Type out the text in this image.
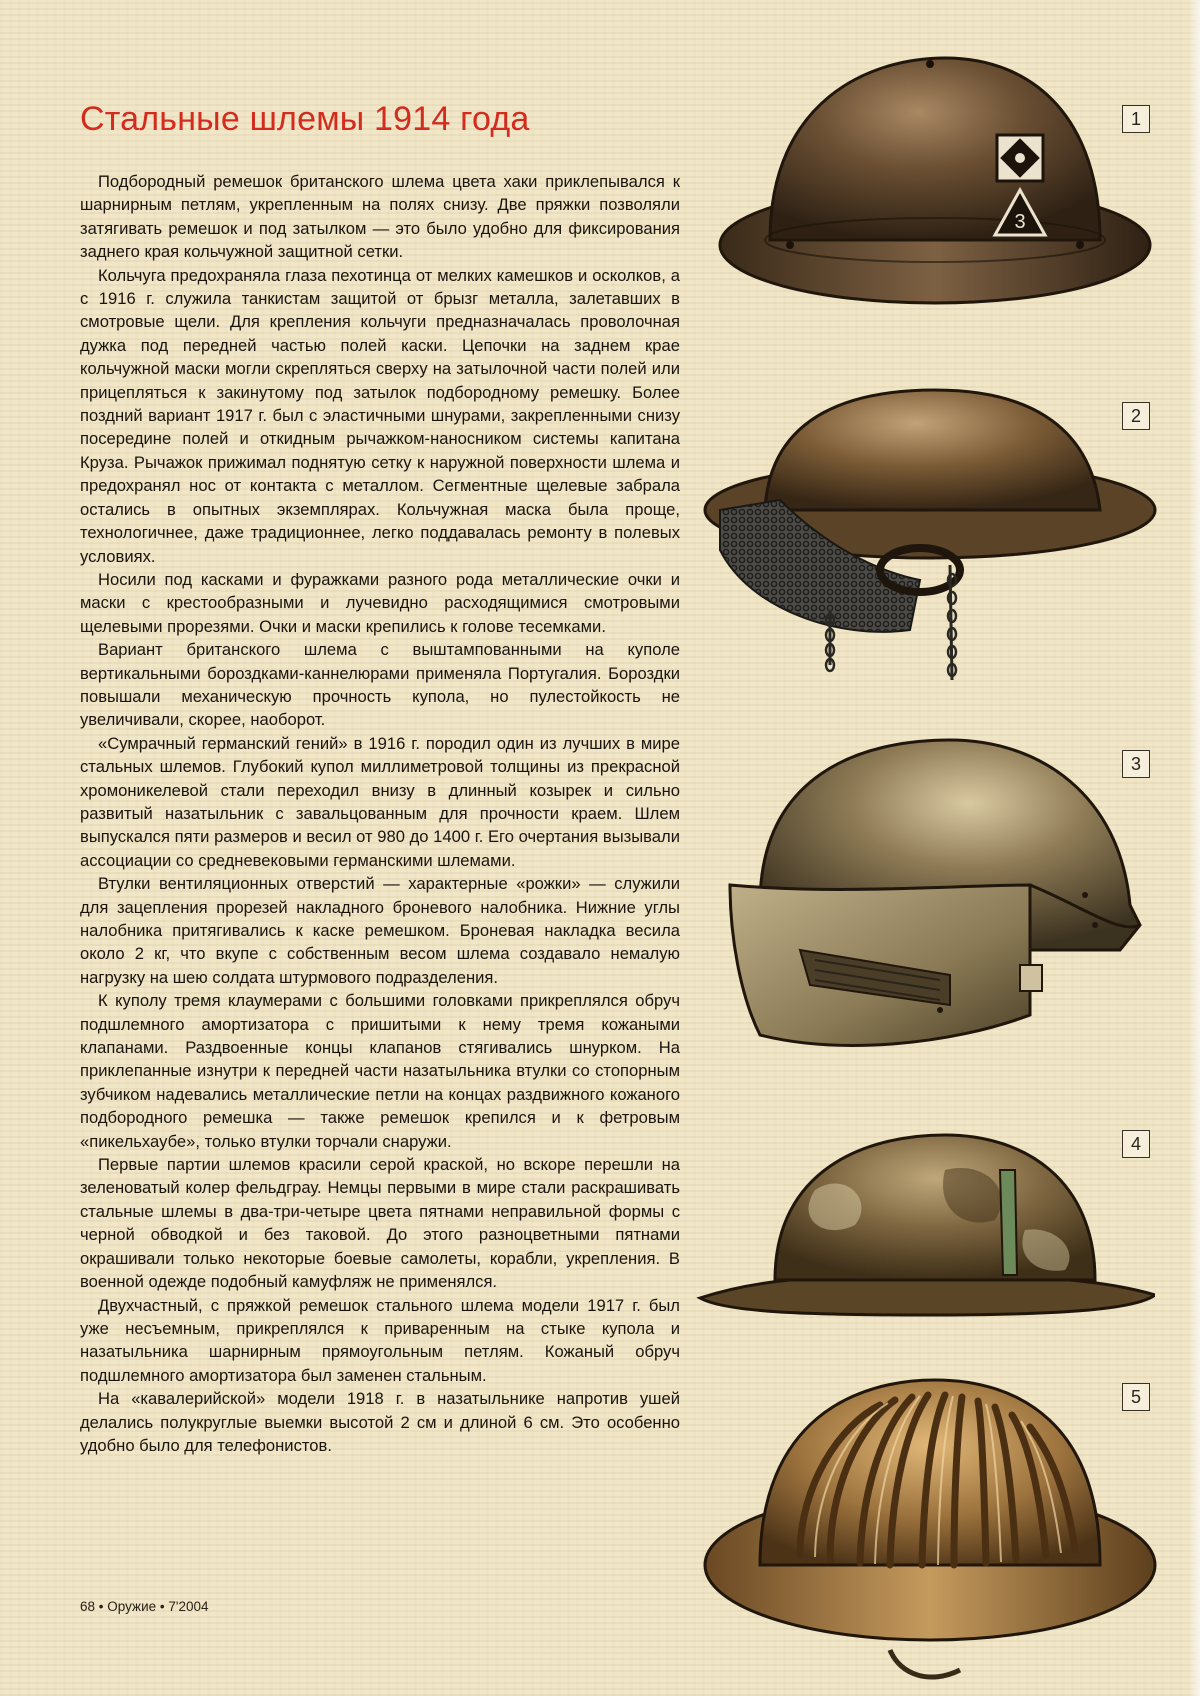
Стальные шлемы 1914 года

Подбородный ремешок британского шлема цвета хаки приклепывался к шарнирным петлям, укрепленным на полях снизу. Две пряжки позволяли затягивать ремешок и под затылком — это было удобно для фиксирования заднего края кольчужной защитной сетки.

Кольчуга предохраняла глаза пехотинца от мелких камешков и осколков, а с 1916 г. служила танкистам защитой от брызг металла, залетавших в смотровые щели. Для крепления кольчуги предназначалась проволочная дужка под передней частью полей каски. Цепочки на заднем крае кольчужной маски могли скрепляться сверху на затылочной части полей или прицепляться к закинутому под затылок подбородному ремешку. Более поздний вариант 1917 г. был с эластичными шнурами, закрепленными снизу посередине полей и откидным рычажком-наносником системы капитана Круза. Рычажок прижимал поднятую сетку к наружной поверхности шлема и предохранял нос от контакта с металлом. Сегментные щелевые забрала остались в опытных экземплярах. Кольчужная маска была проще, технологичнее, даже традиционнее, легко поддавалась ремонту в полевых условиях.

Носили под касками и фуражками разного рода металлические очки и маски с крестообразными и лучевидно расходящимися смотровыми щелевыми прорезями. Очки и маски крепились к голове тесемками.

Вариант британского шлема с выштампованными на куполе вертикальными бороздками-каннелюрами применяла Португалия. Бороздки повышали механическую прочность купола, но пулестойкость не увеличивали, скорее, наоборот.

«Сумрачный германский гений» в 1916 г. породил один из лучших в мире стальных шлемов. Глубокий купол миллиметровой толщины из прекрасной хромоникелевой стали переходил внизу в длинный козырек и сильно развитый назатыльник с завальцованным для прочности краем. Шлем выпускался пяти размеров и весил от 980 до 1400 г. Его очертания вызывали ассоциации со средневековыми германскими шлемами.

Втулки вентиляционных отверстий — характерные «рожки» — служили для зацепления прорезей накладного броневого налобника. Нижние углы налобника притягивались к каске ремешком. Броневая накладка весила около 2 кг, что вкупе с собственным весом шлема создавало немалую нагрузку на шею солдата штурмового подразделения.

К куполу тремя клаумерами с большими головками прикреплялся обруч подшлемного амортизатора с пришитыми к нему тремя кожаными клапанами. Раздвоенные концы клапанов стягивались шнурком. На приклепанные изнутри к передней части назатыльника втулки со стопорным зубчиком надевались металлические петли на концах раздвижного кожаного подбородного ремешка — также ремешок крепился и к фетровым «пикельхаубе», только втулки торчали снаружи.

Первые партии шлемов красили серой краской, но вскоре перешли на зеленоватый колер фельдграу. Немцы первыми в мире стали раскрашивать стальные шлемы в два-три-четыре цвета пятнами неправильной формы с черной обводкой и без таковой. До этого разноцветными пятнами окрашивали только некоторые боевые самолеты, корабли, укрепления. В военной одежде подобный камуфляж не применялся.

Двухчастный, с пряжкой ремешок стального шлема модели 1917 г. был уже несъемным, прикреплялся к приваренным на стыке купола и назатыльника шарнирным прямоугольным петлям. Кожаный обруч подшлемного амортизатора был заменен стальным.

На «кавалерийской» модели 1918 г. в назатыльнике напротив ушей делались полукруглые выемки высотой 2 см и длиной 6 см. Это особенно удобно было для телефонистов.

68 • Оружие • 7'2004
1
2
3
4
5
3
